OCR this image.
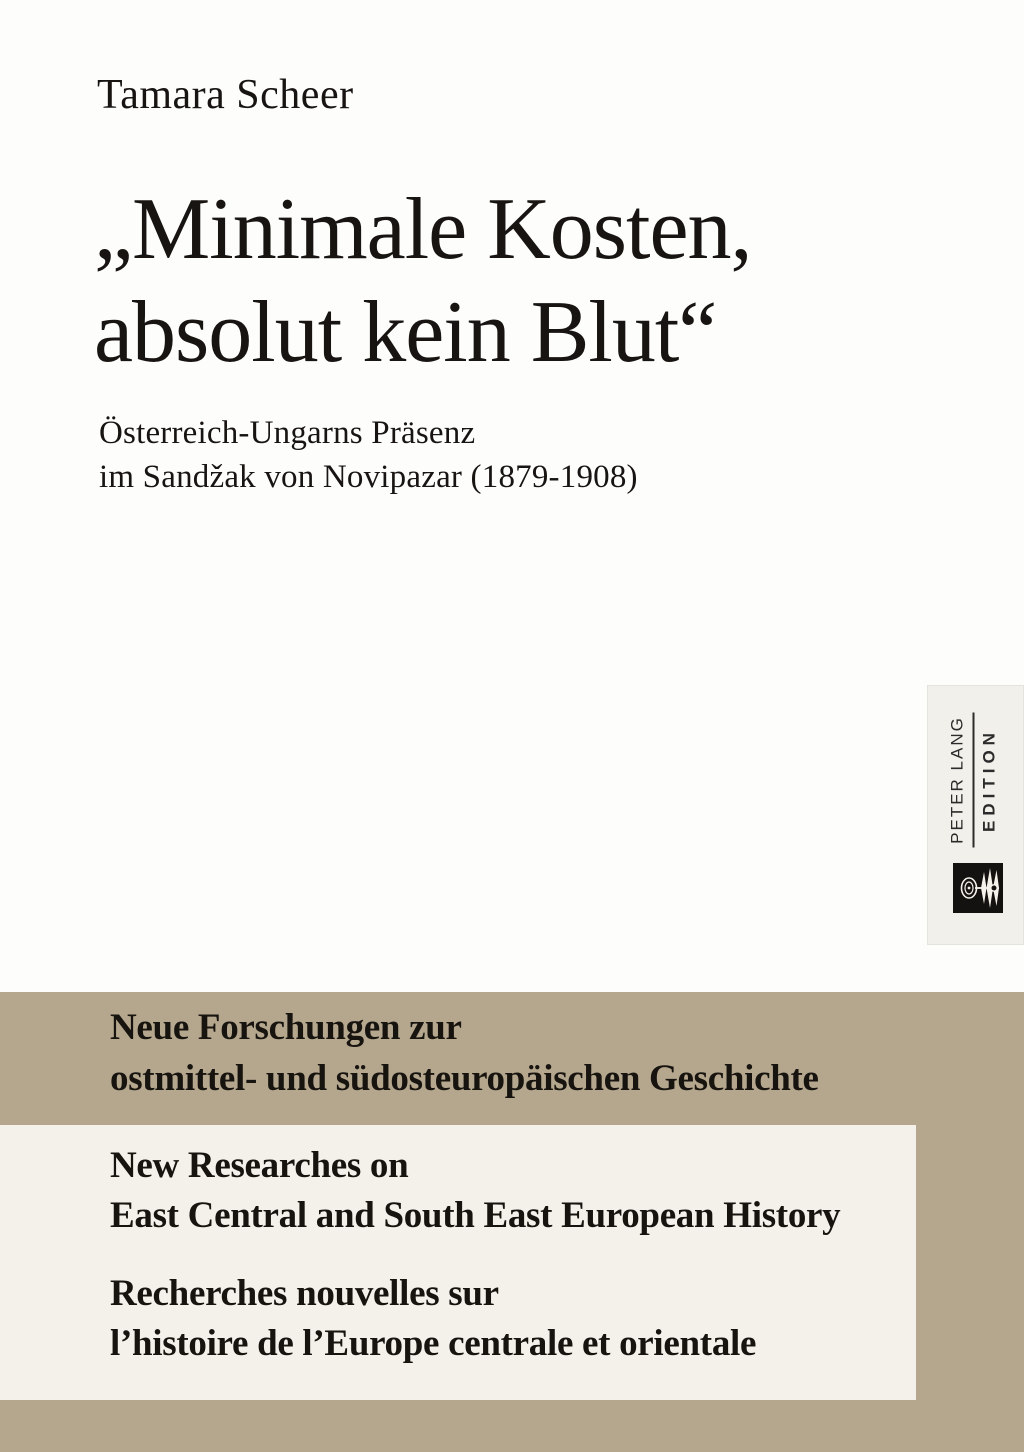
Tamara Scheer
„Minimale Kosten,
absolut kein Blut“
Österreich-Ungarns Präsenz
im Sandžak von Novipazar (1879-1908)
PETER LANG EDITION
Neue Forschungen zur
ostmittel- und südosteuropäischen Geschichte
New Researches on
East Central and South East European History
Recherches nouvelles sur
l’histoire de l’Europe centrale et orientale
